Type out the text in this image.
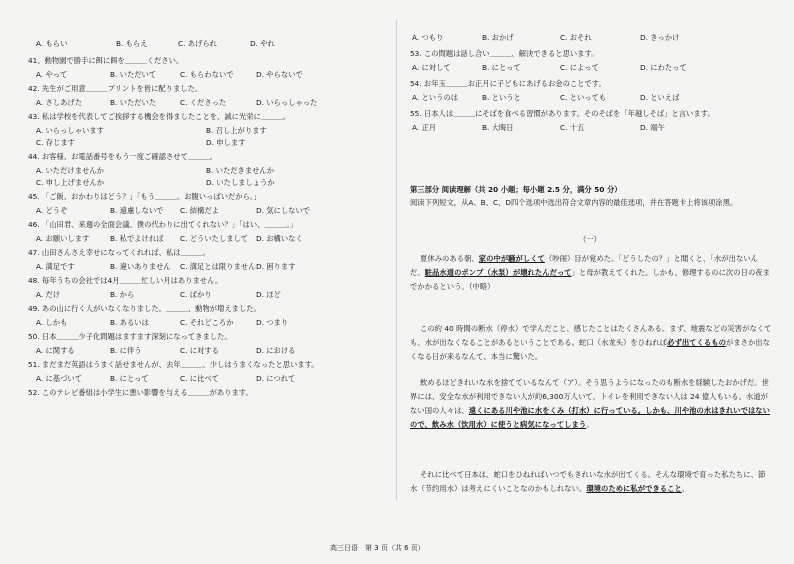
A. もらい	B. もらえ	C. あげられ	D. やれ
41、動物園で勝手に餌に餌を＿＿＿ください。
A. やって	B. いただいて	C. もらわないで	D. やらないで
42. 先生がご用意＿＿＿プリントを皆に配りました。
A. さしあげた	B. いただいた	C. くださった	D. いらっしゃった
43. 私は学校を代表してご挨拶する機会を得ましたことを、誠に光栄に＿＿＿。
A. いらっしゃいます	B. 召し上がります
C. 存じます	D. 申します
44. お客様、お電話番号をもう一度ご確認させて＿＿＿。
A. いただけませんか	B. いただきませんか
C. 申し上げませんか	D. いたしましょうか
45. 「ご飯、おかわりはどう？」「もう＿＿＿。お腹いっぱいだから。」
A. どうぞ	B. 遠慮しないで C. 結構だよ	D. 気にしないで
46. 「山田君、来週の全面会議、僕の代わりに出てくれない？」「はい、＿＿＿。」
A. お願いします	B. 私でよければ C. どういたしまして D. お構いなく
47. 山田さんさえ幸せになってくれれば、私は＿＿＿。
A. 満足です	B. 違いありません C. 満足とは限りません D. 困ります
48. 毎年うちの会社では4月＿＿＿忙しい月はありません。
A. だけ	B. から	C. ばかり	D. ほど
49. あの山に行く人がいなくなりました。＿＿＿、動物が増えました。
A. しかも	B. あるいは	C. それどころか	D. つまり
50. 日本＿＿＿少子化問題はますます深刻になってきました。
A. に関する	B. に伴う	C. に対する	D. における
51. まだまだ英語はうまく話せませんが、去年＿＿＿、少しはうまくなったと思います。
A. に基づいて	B. にとって	C. に比べて	D. につれて
52. このテレビ番組は小学生に悪い影響を与える＿＿＿があります。
A. つもり	B. おかげ	C. おそれ	D. きっかけ
53. この問題は話し合い＿＿＿、解決できると思います。
A. に対して	B. にとって	C. によって	D. にわたって
54. お年玉＿＿＿お正月に子どもにあげるお金のことです。
A. というのは	B. というと	C. といっても	D. といえば
55. 日本人は＿＿＿にそばを食べる習慣があります。そのそばを「年越しそば」と言います。
A. 正月	B. 大晦日	C. 十五	D. 端午
第三部分 阅读理解（共 20 小题；每小题 2.5 分，满分 50 分）
阅读下列短文，从A、B、C、D四个选项中选出符合文章内容的最佳选项，并在答题卡上将该项涂黑。
（一）
夏休みのある朝、家の中が騒がしくて（吵闹）目が覚めた。「どうしたの？」と聞くと、「水が出ないんだ、駐品水道のポンプ（水泵）が壊れたんだって」と母が教えてくれた。しかも、修理するのに次の日の夜までかかるという。（中略）
この約 40 時間の断水（停水）で学んだこと、感じたことはたくさんある。まず、地震などの災害がなくても、水が出なくなることがあるということである。蛇口（水龙头）をひねれば必ず出てくるものがまさか出なくなる日が来るなんて、本当に驚いた。
飲めるほどきれいな水を捨てているなんて（ア）。そう思うようになったのも断水を経験したおかげだ。世界には、安全な水が利用できない人が約6,300万人いて、トイレを利用できない人は 24 億人もいる。水道がない国の人々は、遠くにある川や池に水をくみ（打水）に行っている。しかも、川や池の水はきれいではないので、飲み水（饮用水）に使うと病気になってしまう。
それに比べて日本は、蛇口をひねればいつでもきれいな水が出てくる。そんな環境で育った私たちに、節水（节约用水）は考えにくいことなのかもしれない。環境のために私ができること、
高三日语　第 3 页（共 6 页）
